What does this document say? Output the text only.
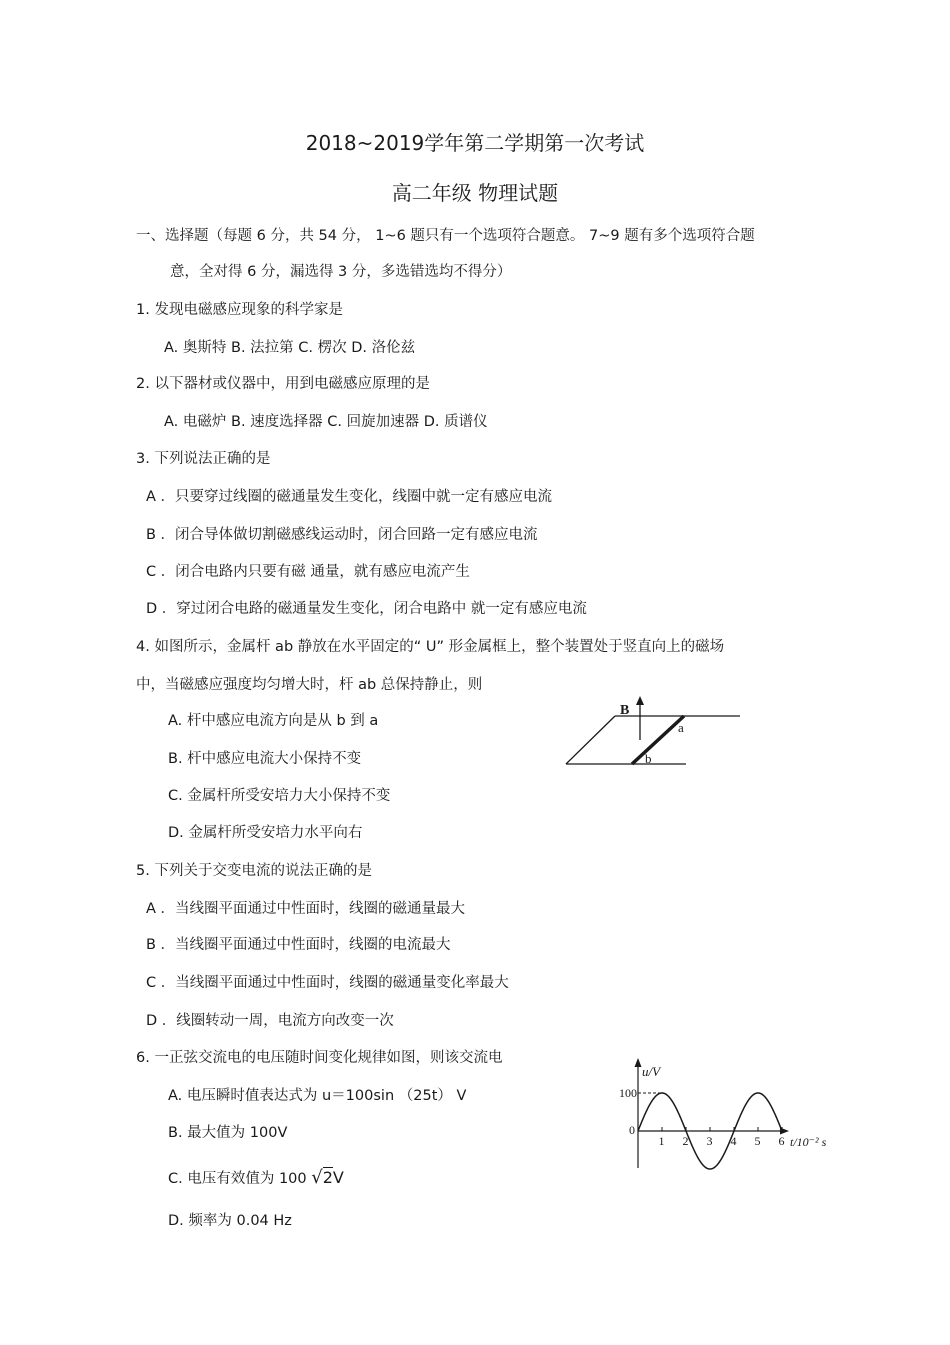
2018~2019学年第二学期第一次考试
高二年级 物理试题
一、选择题（每题 6 分，共 54 分， 1~6 题只有一个选项符合题意。 7~9 题有多个选项符合题
意，全对得 6 分，漏选得 3 分，多选错选均不得分）
1. 发现电磁感应现象的科学家是
A. 奥斯特 B. 法拉第 C. 楞次 D. 洛伦兹
2. 以下器材或仪器中，用到电磁感应原理的是
A. 电磁炉 B. 速度选择器 C. 回旋加速器 D. 质谱仪
3. 下列说法正确的是
A ．只要穿过线圈的磁通量发生变化，线圈中就一定有感应电流
B ．闭合导体做切割磁感线运动时，闭合回路一定有感应电流
C ．闭合电路内只要有磁 通量，就有感应电流产生
D ．穿过闭合电路的磁通量发生变化，闭合电路中 就一定有感应电流
4. 如图所示，金属杆 ab 静放在水平固定的“ U” 形金属框上，整个装置处于竖直向上的磁场
中，当磁感应强度均匀增大时，杆 ab 总保持静止，则
A. 杆中感应电流方向是从 b 到 a
B. 杆中感应电流大小保持不变
C. 金属杆所受安培力大小保持不变
D. 金属杆所受安培力水平向右
B
a
b
5. 下列关于交变电流的说法正确的是
A ．当线圈平面通过中性面时，线圈的磁通量最大
B ．当线圈平面通过中性面时，线圈的电流最大
C ．当线圈平面通过中性面时，线圈的磁通量变化率最大
D ．线圈转动一周，电流方向改变一次
6. 一正弦交流电的电压随时间变化规律如图，则该交流电
A. 电压瞬时值表达式为 u＝100sin （25t） V
B. 最大值为 100V
C. 电压有效值为 100 √2V
D. 频率为 0.04 Hz
u/V
100
0
t/10⁻² s
1 2 3 4 5 6
